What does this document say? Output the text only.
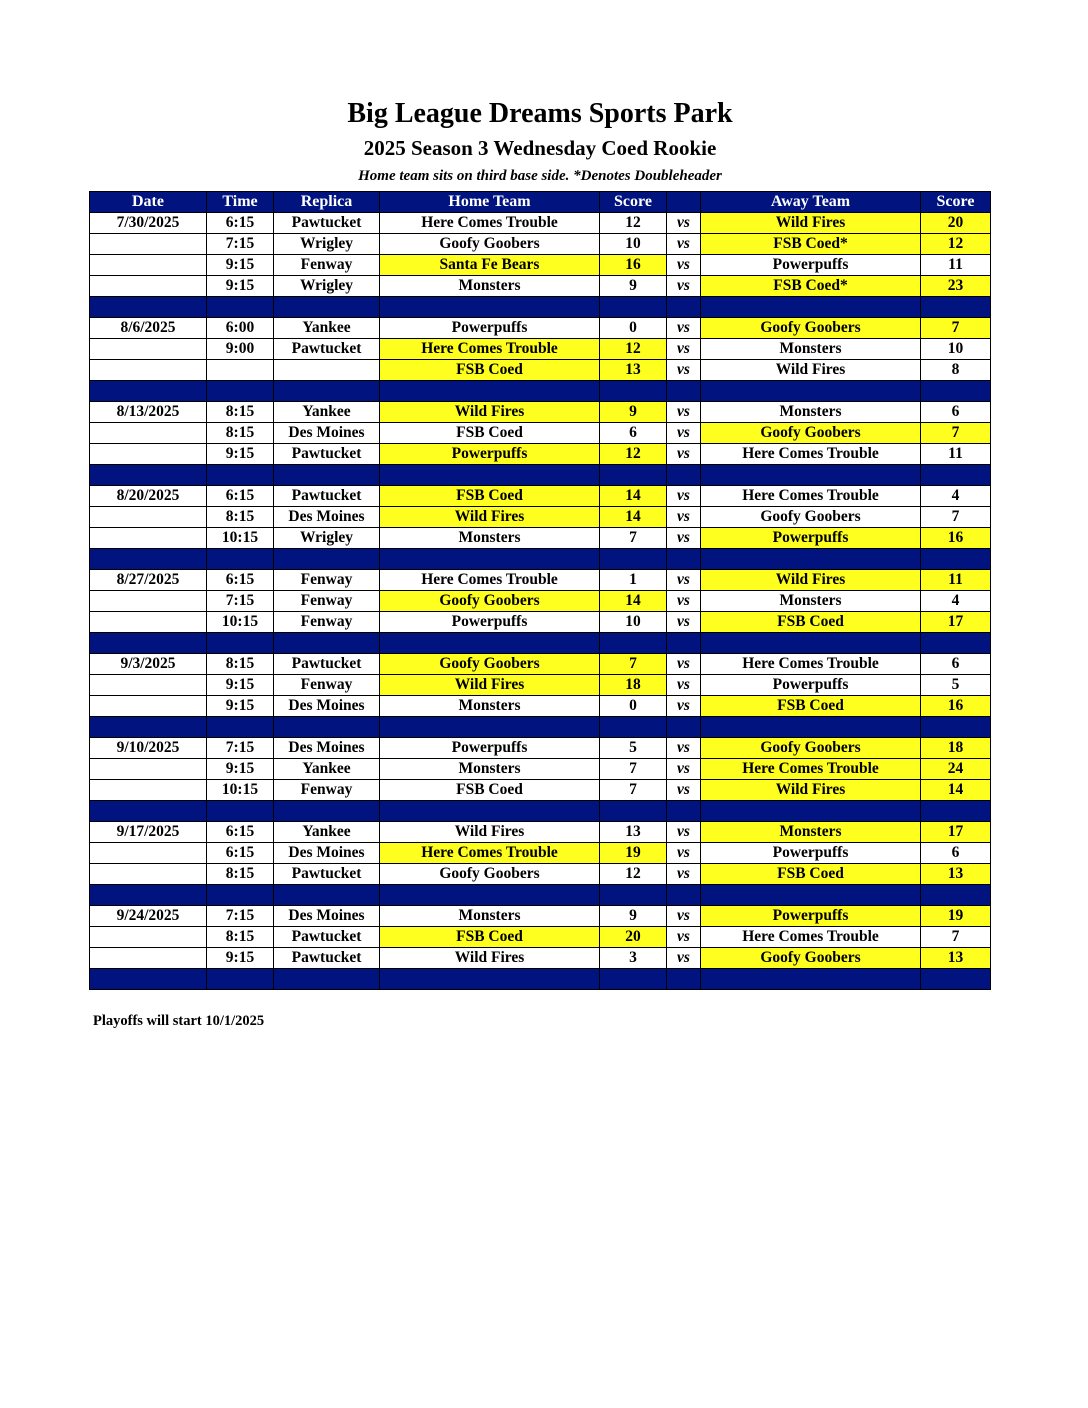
Big League Dreams Sports Park
2025 Season 3 Wednesday Coed Rookie
Home team sits on third base side. *Denotes Doubleheader
Date	Time	Replica	Home Team	Score		Away Team	Score
7/30/2025	6:15	Pawtucket	Here Comes Trouble	12	vs	Wild Fires	20
	7:15	Wrigley	Goofy Goobers	10	vs	FSB Coed*	12
	9:15	Fenway	Santa Fe Bears	16	vs	Powerpuffs	11
	9:15	Wrigley	Monsters	9	vs	FSB Coed*	23

8/6/2025	6:00	Yankee	Powerpuffs	0	vs	Goofy Goobers	7
	9:00	Pawtucket	Here Comes Trouble	12	vs	Monsters	10
			FSB Coed	13	vs	Wild Fires	8

8/13/2025	8:15	Yankee	Wild Fires	9	vs	Monsters	6
	8:15	Des Moines	FSB Coed	6	vs	Goofy Goobers	7
	9:15	Pawtucket	Powerpuffs	12	vs	Here Comes Trouble	11

8/20/2025	6:15	Pawtucket	FSB Coed	14	vs	Here Comes Trouble	4
	8:15	Des Moines	Wild Fires	14	vs	Goofy Goobers	7
	10:15	Wrigley	Monsters	7	vs	Powerpuffs	16

8/27/2025	6:15	Fenway	Here Comes Trouble	1	vs	Wild Fires	11
	7:15	Fenway	Goofy Goobers	14	vs	Monsters	4
	10:15	Fenway	Powerpuffs	10	vs	FSB Coed	17

9/3/2025	8:15	Pawtucket	Goofy Goobers	7	vs	Here Comes Trouble	6
	9:15	Fenway	Wild Fires	18	vs	Powerpuffs	5
	9:15	Des Moines	Monsters	0	vs	FSB Coed	16

9/10/2025	7:15	Des Moines	Powerpuffs	5	vs	Goofy Goobers	18
	9:15	Yankee	Monsters	7	vs	Here Comes Trouble	24
	10:15	Fenway	FSB Coed	7	vs	Wild Fires	14

9/17/2025	6:15	Yankee	Wild Fires	13	vs	Monsters	17
	6:15	Des Moines	Here Comes Trouble	19	vs	Powerpuffs	6
	8:15	Pawtucket	Goofy Goobers	12	vs	FSB Coed	13

9/24/2025	7:15	Des Moines	Monsters	9	vs	Powerpuffs	19
	8:15	Pawtucket	FSB Coed	20	vs	Here Comes Trouble	7
	9:15	Pawtucket	Wild Fires	3	vs	Goofy Goobers	13

Playoffs will start 10/1/2025
